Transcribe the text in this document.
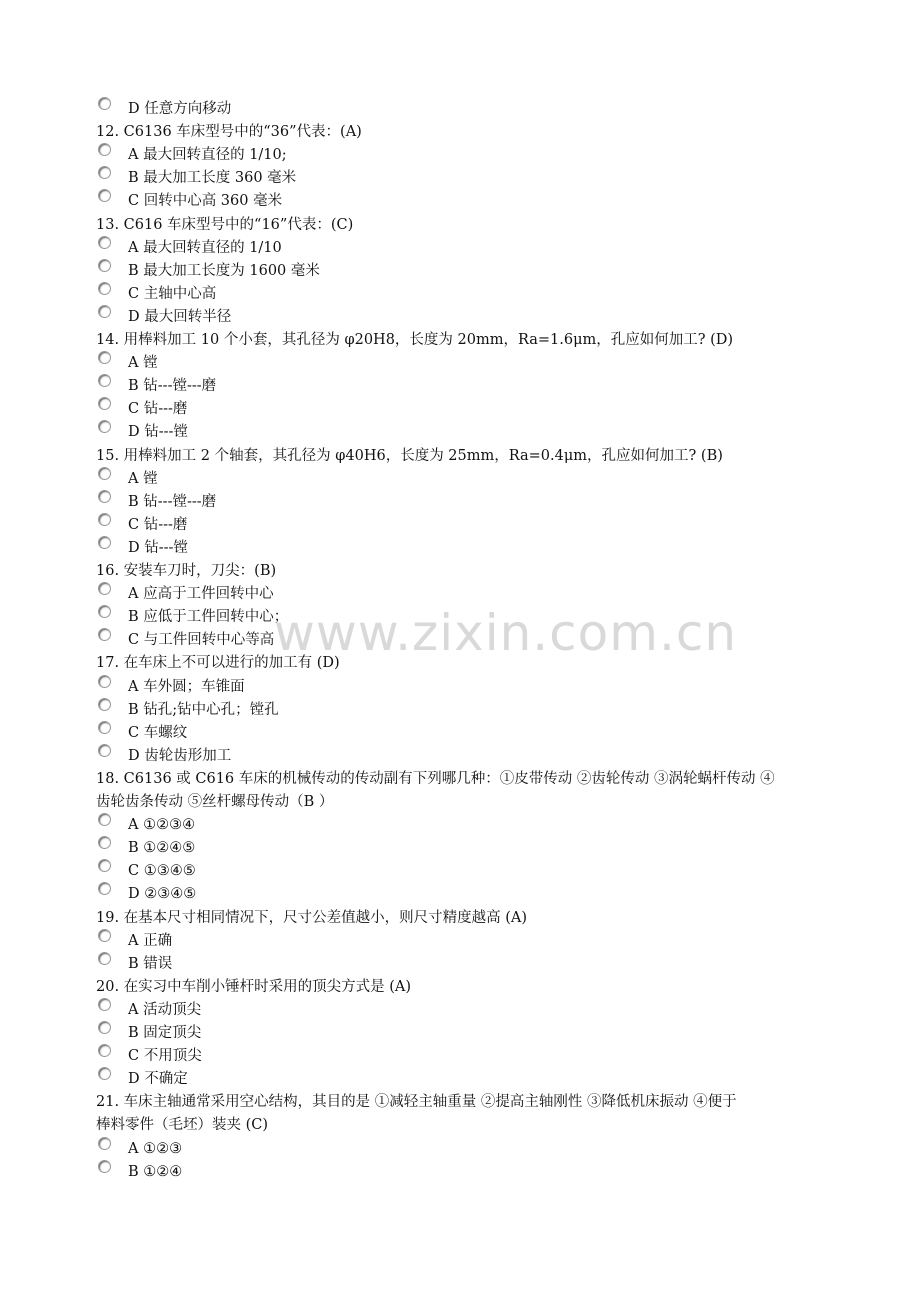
www.zixin.com.cn
D 任意方向移动
12. C6136 车床型号中的“36”代表：(A)
A 最大回转直径的 1/10;
B 最大加工长度 360 毫米
C 回转中心高 360 毫米
13. C616 车床型号中的“16”代表：(C)
A 最大回转直径的 1/10
B 最大加工长度为 1600 毫米
C 主轴中心高
D 最大回转半径
14. 用棒料加工 10 个小套，其孔径为 φ20H8，长度为 20mm，Ra=1.6μm，孔应如何加工? (D)
A 镗
B 钻---镗---磨
C 钻---磨
D 钻---镗
15. 用棒料加工 2 个轴套，其孔径为 φ40H6，长度为 25mm，Ra=0.4μm，孔应如何加工? (B)
A 镗
B 钻---镗---磨
C 钻---磨
D 钻---镗
16. 安装车刀时，刀尖：(B)
A 应高于工件回转中心
B 应低于工件回转中心；
C 与工件回转中心等高
17. 在车床上不可以进行的加工有 (D)
A 车外圆；车锥面
B 钻孔;钻中心孔；镗孔
C 车螺纹
D 齿轮齿形加工
18. C6136 或 C616 车床的机械传动的传动副有下列哪几种：①皮带传动 ②齿轮传动 ③涡轮蜗杆传动 ④
齿轮齿条传动 ⑤丝杆螺母传动（B ）
A ①②③④
B ①②④⑤
C ①③④⑤
D ②③④⑤
19. 在基本尺寸相同情况下，尺寸公差值越小，则尺寸精度越高 (A)
A 正确
B 错误
20. 在实习中车削小锤杆时采用的顶尖方式是 (A)
A 活动顶尖
B 固定顶尖
C 不用顶尖
D 不确定
21. 车床主轴通常采用空心结构，其目的是 ①减轻主轴重量 ②提高主轴刚性 ③降低机床振动 ④便于
棒料零件（毛坯）装夹 (C)
A ①②③
B ①②④
